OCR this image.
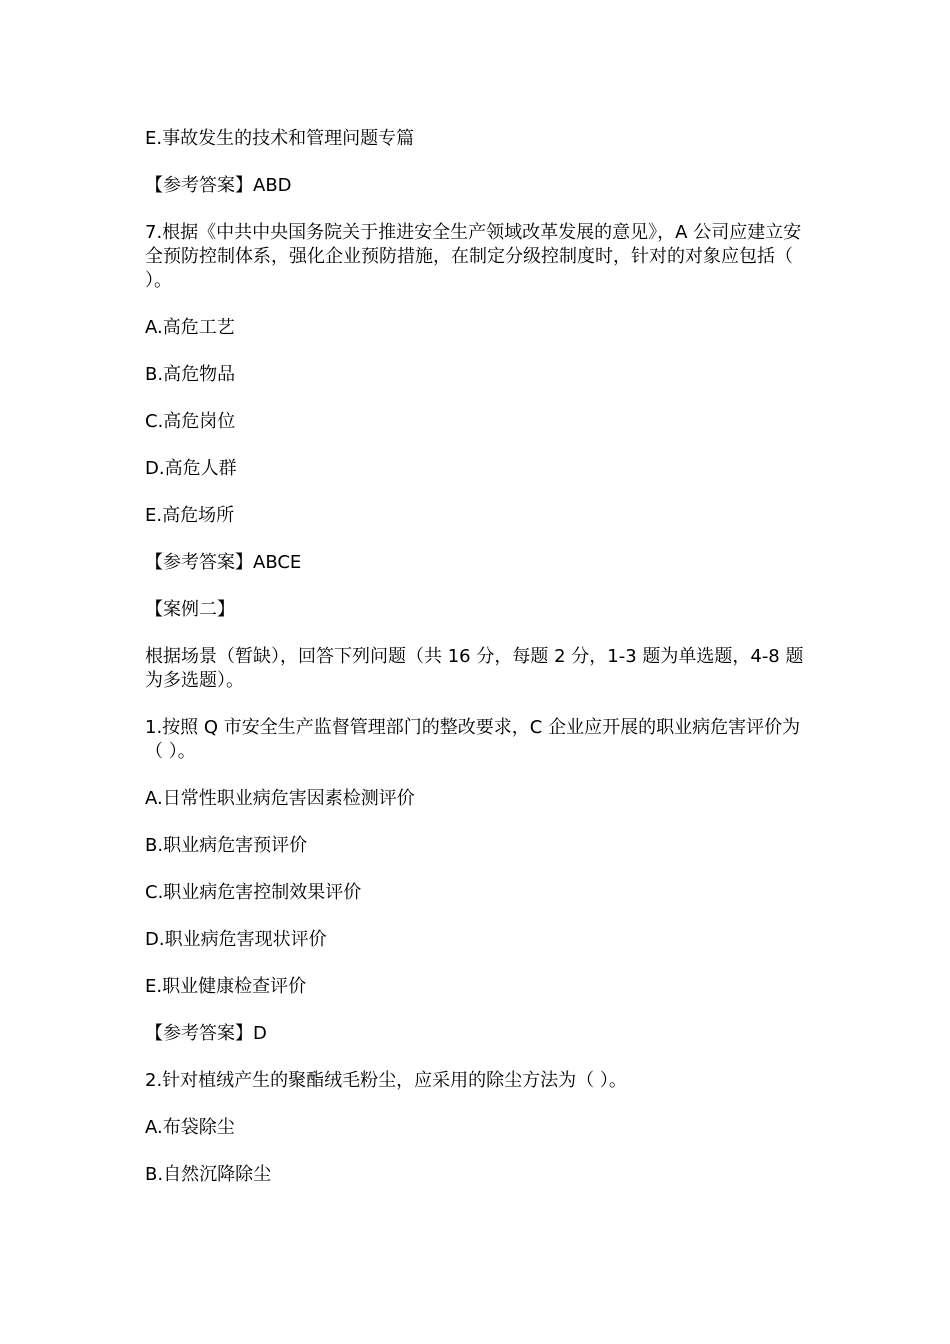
E.事故发生的技术和管理问题专篇

【参考答案】ABD

7.根据《中共中央国务院关于推进安全生产领域改革发展的意见》，A 公司应建立安全预防控制体系，强化企业预防措施，在制定分级控制度时，针对的对象应包括（ ）。

A.高危工艺

B.高危物品

C.高危岗位

D.高危人群

E.高危场所

【参考答案】ABCE

【案例二】

根据场景（暂缺），回答下列问题（共 16 分，每题 2 分，1-3 题为单选题，4-8 题为多选题）。

1.按照 Q 市安全生产监督管理部门的整改要求，C 企业应开展的职业病危害评价为（ ）。

A.日常性职业病危害因素检测评价

B.职业病危害预评价

C.职业病危害控制效果评价

D.职业病危害现状评价

E.职业健康检查评价

【参考答案】D

2.针对植绒产生的聚酯绒毛粉尘，应采用的除尘方法为（ ）。

A.布袋除尘

B.自然沉降除尘
